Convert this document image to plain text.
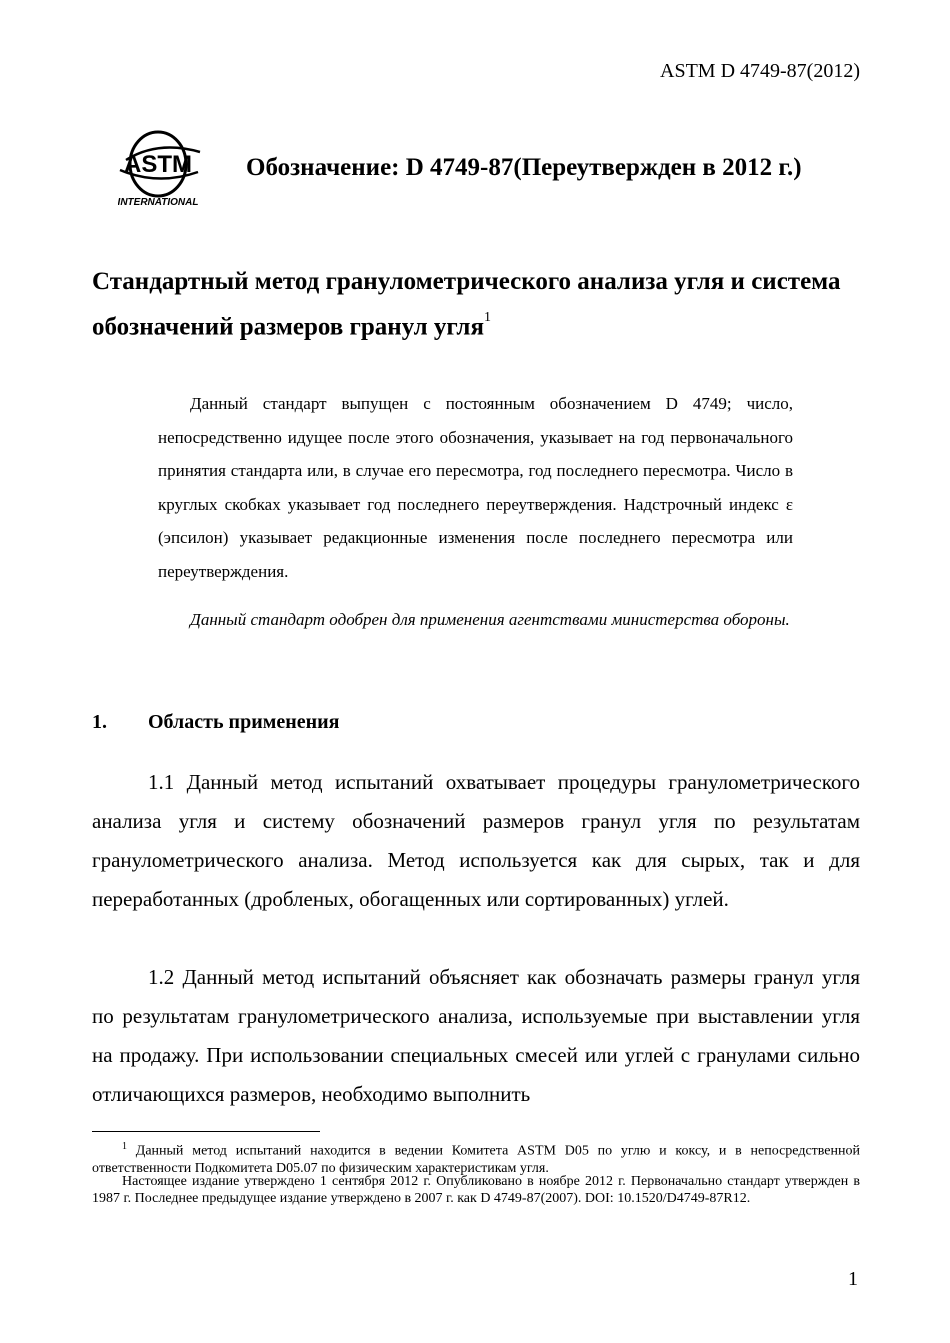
ASTM D 4749-87(2012)
ASTM
INTERNATIONAL
Обозначение: D 4749-87(Переутвержден в 2012 г.)
Стандартный метод гранулометрического анализа угля и система обозначений размеров гранул угля$^1$
Данный стандарт выпущен с постоянным обозначением D 4749; число, непосредственно идущее после этого обозначения, указывает на год первоначального принятия стандарта или, в случае его пересмотра, год последнего пересмотра. Число в круглых скобках указывает год последнего переутверждения. Надстрочный индекс ε (эпсилон) указывает редакционные изменения после последнего пересмотра или переутверждения.
Данный стандарт одобрен для применения агентствами министерства обороны.
1. Область применения
1.1 Данный метод испытаний охватывает процедуры гранулометрического анализа угля и систему обозначений размеров гранул угля по результатам гранулометрического анализа. Метод используется как для сырых, так и для переработанных (дробленых, обогащенных или сортированных) углей.
1.2 Данный метод испытаний объясняет как обозначать размеры гранул угля по результатам гранулометрического анализа, используемые при выставлении угля на продажу. При использовании специальных смесей или углей с гранулами сильно отличающихся размеров, необходимо выполнить
$^1$ Данный метод испытаний находится в ведении Комитета ASTM D05 по углю и коксу, и в непосредственной ответственности Подкомитета D05.07 по физическим характеристикам угля.
Настоящее издание утверждено 1 сентября 2012 г. Опубликовано в ноябре 2012 г. Первоначально стандарт утвержден в 1987 г. Последнее предыдущее издание утверждено в 2007 г. как D 4749-87(2007). DOI: 10.1520/D4749-87R12.
1
